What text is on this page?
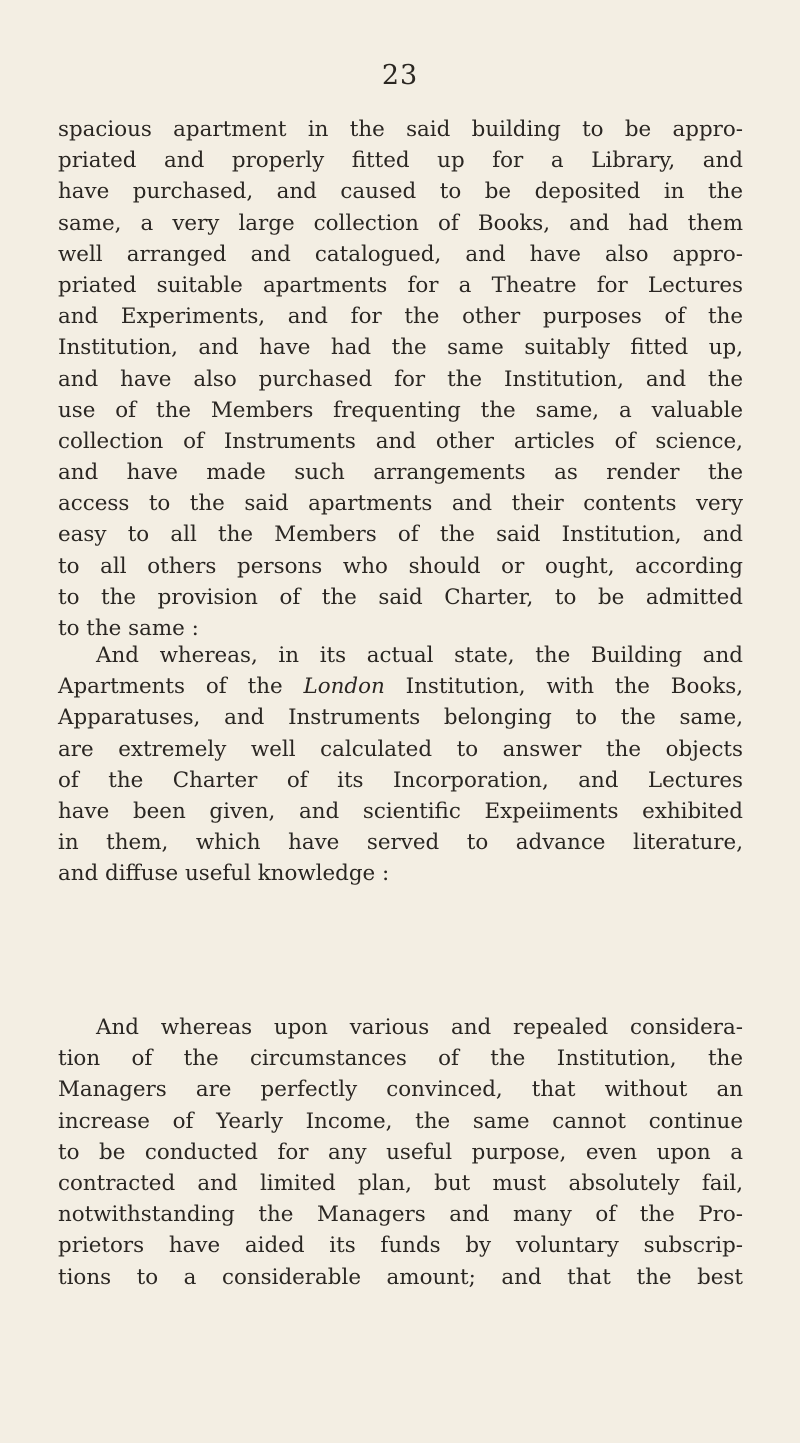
23
spacious apartment in the said building to be appro-
priated and properly fitted up for a Library, and
have purchased, and caused to be deposited in the
same, a very large collection of Books, and had them
well arranged and catalogued, and have also appro-
priated suitable apartments for a Theatre for Lectures
and Experiments, and for the other purposes of the
Institution, and have had the same suitably fitted up,
and have also purchased for the Institution, and the
use of the Members frequenting the same, a valuable
collection of Instruments and other articles of science,
and have made such arrangements as render the
access to the said apartments and their contents very
easy to all the Members of the said Institution, and
to all others persons who should or ought, according
to the provision of the said Charter, to be admitted
to the same :
And whereas, in its actual state, the Building and
Apartments of the London Institution, with the Books,
Apparatuses, and Instruments belonging to the same,
are extremely well calculated to answer the objects
of the Charter of its Incorporation, and Lectures
have been given, and scientific Expeiiments exhibited
in them, which have served to advance literature,
and diffuse useful knowledge :
And whereas upon various and repealed considera-
tion of the circumstances of the Institution, the
Managers are perfectly convinced, that without an
increase of Yearly Income, the same cannot continue
to be conducted for any useful purpose, even upon a
contracted and limited plan, but must absolutely fail,
notwithstanding the Managers and many of the Pro-
prietors have aided its funds by voluntary subscrip-
tions to a considerable amount; and that the best
